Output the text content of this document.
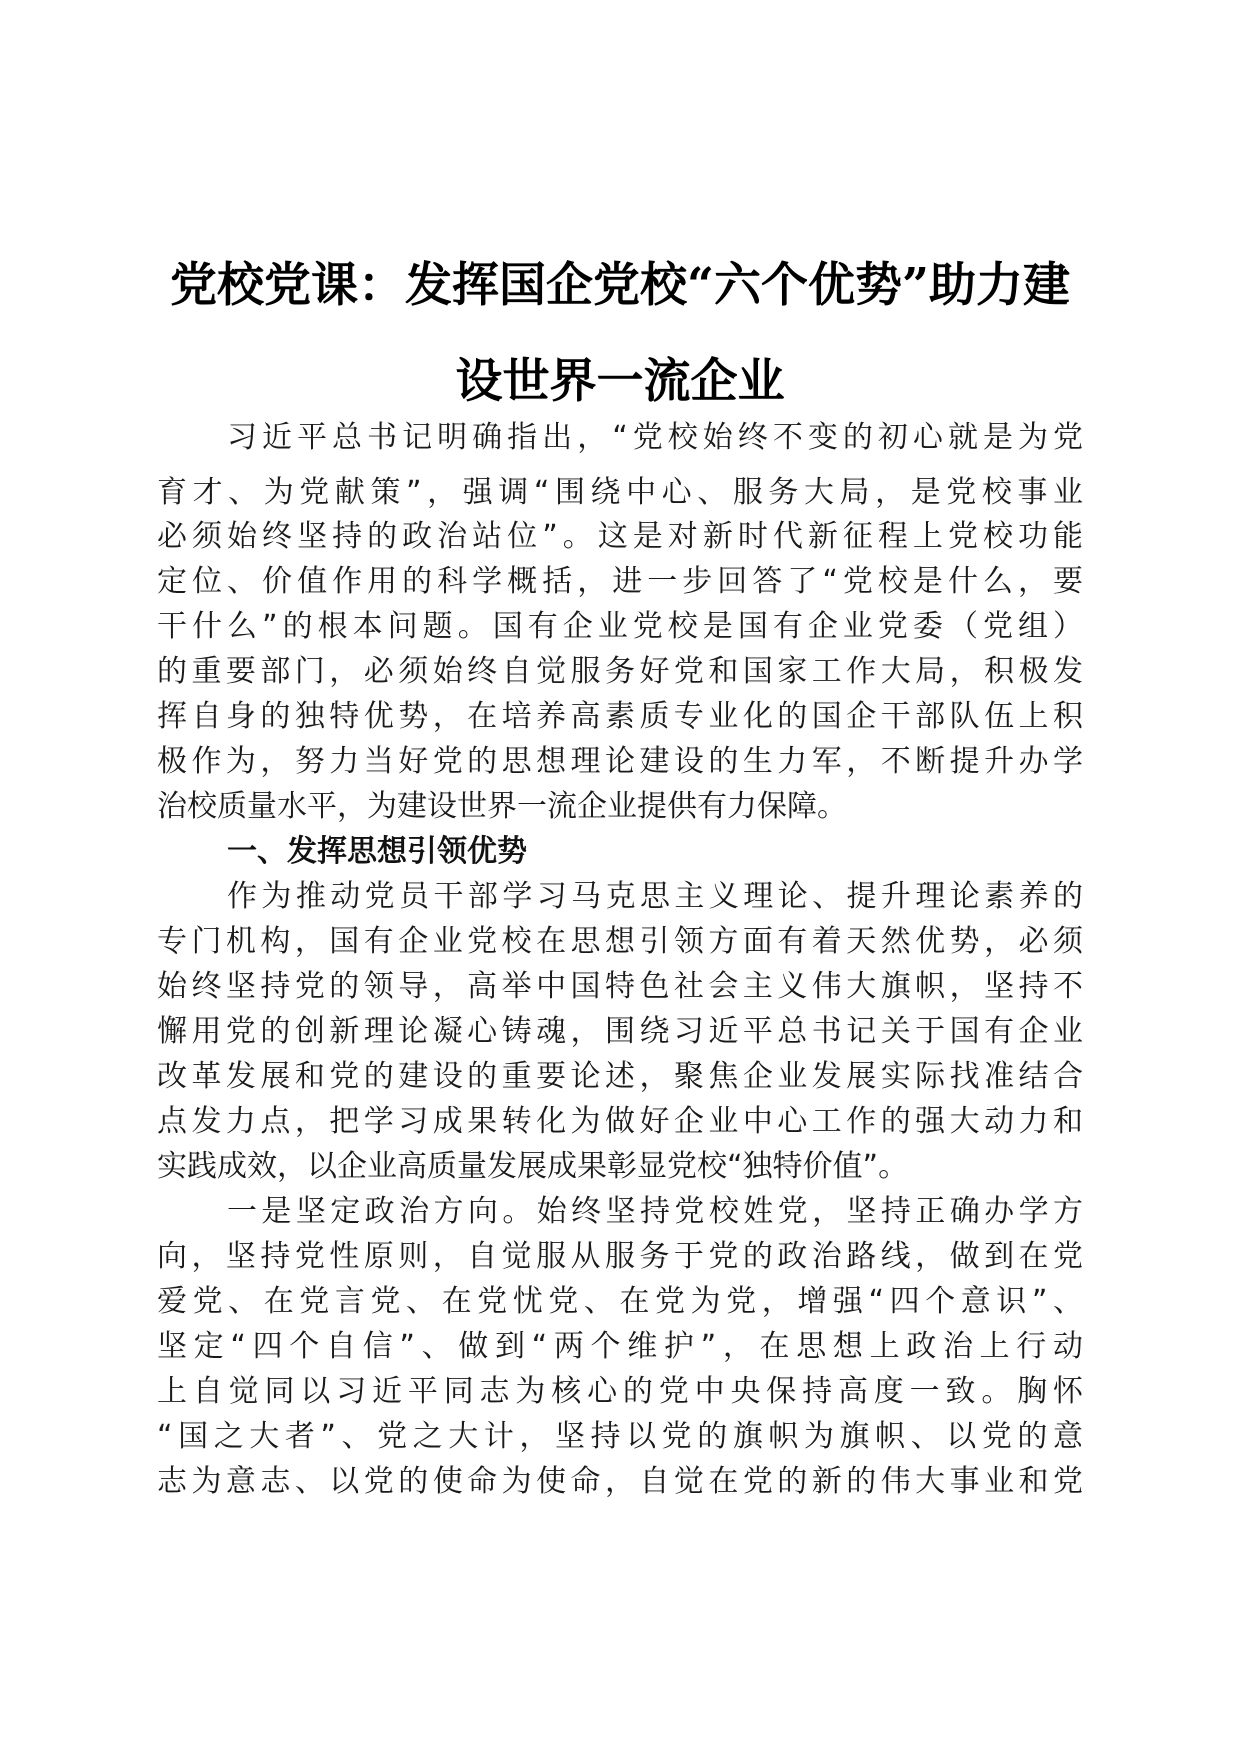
党校党课：发挥国企党校“六个优势”助力建
设世界一流企业
习近平总书记明确指出，“党校始终不变的初心就是为党
育才、为党献策”，强调“围绕中心、服务大局，是党校事业
必须始终坚持的政治站位”。这是对新时代新征程上党校功能
定位、价值作用的科学概括，进一步回答了“党校是什么，要
干什么”的根本问题。国有企业党校是国有企业党委（党组）
的重要部门，必须始终自觉服务好党和国家工作大局，积极发
挥自身的独特优势，在培养高素质专业化的国企干部队伍上积
极作为，努力当好党的思想理论建设的生力军，不断提升办学
治校质量水平，为建设世界一流企业提供有力保障。
一、发挥思想引领优势
作为推动党员干部学习马克思主义理论、提升理论素养的
专门机构，国有企业党校在思想引领方面有着天然优势，必须
始终坚持党的领导，高举中国特色社会主义伟大旗帜，坚持不
懈用党的创新理论凝心铸魂，围绕习近平总书记关于国有企业
改革发展和党的建设的重要论述，聚焦企业发展实际找准结合
点发力点，把学习成果转化为做好企业中心工作的强大动力和
实践成效，以企业高质量发展成果彰显党校“独特价值”。
一是坚定政治方向。始终坚持党校姓党，坚持正确办学方
向，坚持党性原则，自觉服从服务于党的政治路线，做到在党
爱党、在党言党、在党忧党、在党为党，增强“四个意识”、
坚定“四个自信”、做到“两个维护”，在思想上政治上行动
上自觉同以习近平同志为核心的党中央保持高度一致。胸怀
“国之大者”、党之大计，坚持以党的旗帜为旗帜、以党的意
志为意志、以党的使命为使命，自觉在党的新的伟大事业和党
